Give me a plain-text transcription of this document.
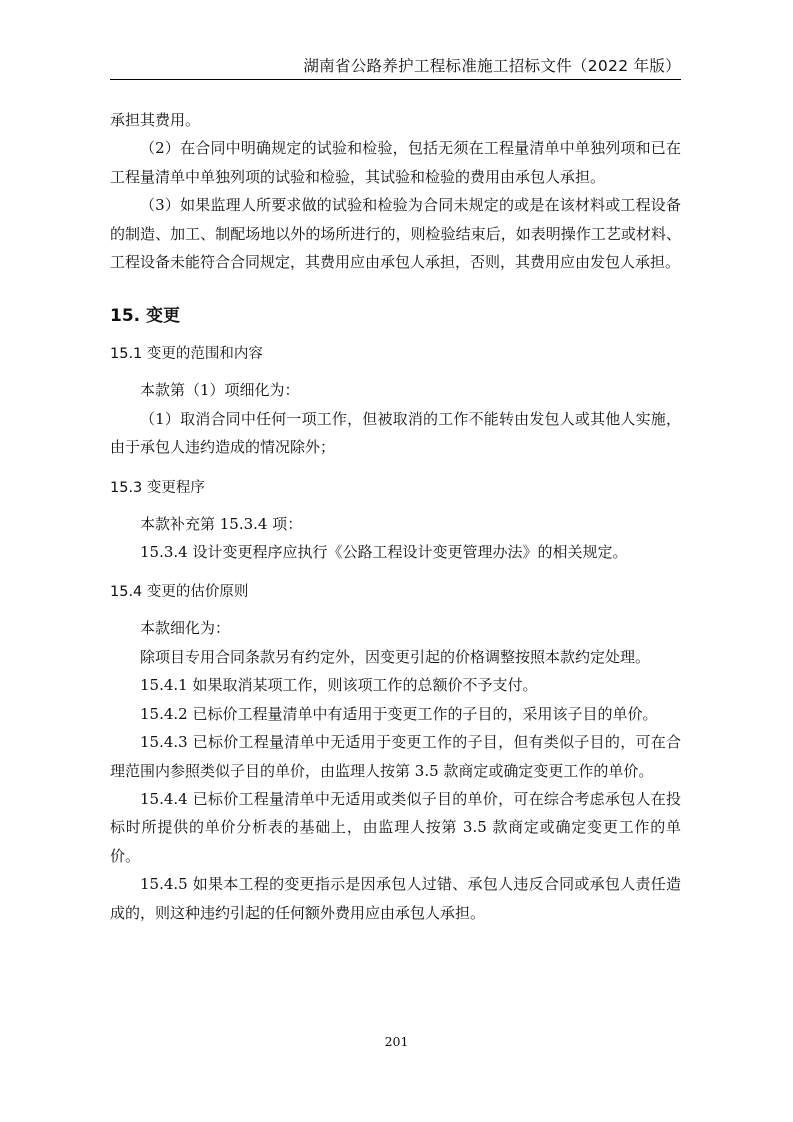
湖南省公路养护工程标准施工招标文件（2022 年版）

承担其费用。

（2）在合同中明确规定的试验和检验，包括无须在工程量清单中单独列项和已在工程量清单中单独列项的试验和检验，其试验和检验的费用由承包人承担。

（3）如果监理人所要求做的试验和检验为合同未规定的或是在该材料或工程设备的制造、加工、制配场地以外的场所进行的，则检验结束后，如表明操作工艺或材料、工程设备未能符合合同规定，其费用应由承包人承担，否则，其费用应由发包人承担。

15. 变更
15.1 变更的范围和内容

本款第（1）项细化为：

（1）取消合同中任何一项工作，但被取消的工作不能转由发包人或其他人实施，由于承包人违约造成的情况除外；

15.3 变更程序

本款补充第 15.3.4 项：

15.3.4 设计变更程序应执行《公路工程设计变更管理办法》的相关规定。

15.4 变更的估价原则

本款细化为：

除项目专用合同条款另有约定外，因变更引起的价格调整按照本款约定处理。

15.4.1 如果取消某项工作，则该项工作的总额价不予支付。

15.4.2 已标价工程量清单中有适用于变更工作的子目的，采用该子目的单价。

15.4.3 已标价工程量清单中无适用于变更工作的子目，但有类似子目的，可在合理范围内参照类似子目的单价，由监理人按第 3.5 款商定或确定变更工作的单价。

15.4.4 已标价工程量清单中无适用或类似子目的单价，可在综合考虑承包人在投标时所提供的单价分析表的基础上，由监理人按第 3.5 款商定或确定变更工作的单价。

15.4.5 如果本工程的变更指示是因承包人过错、承包人违反合同或承包人责任造成的，则这种违约引起的任何额外费用应由承包人承担。

201
